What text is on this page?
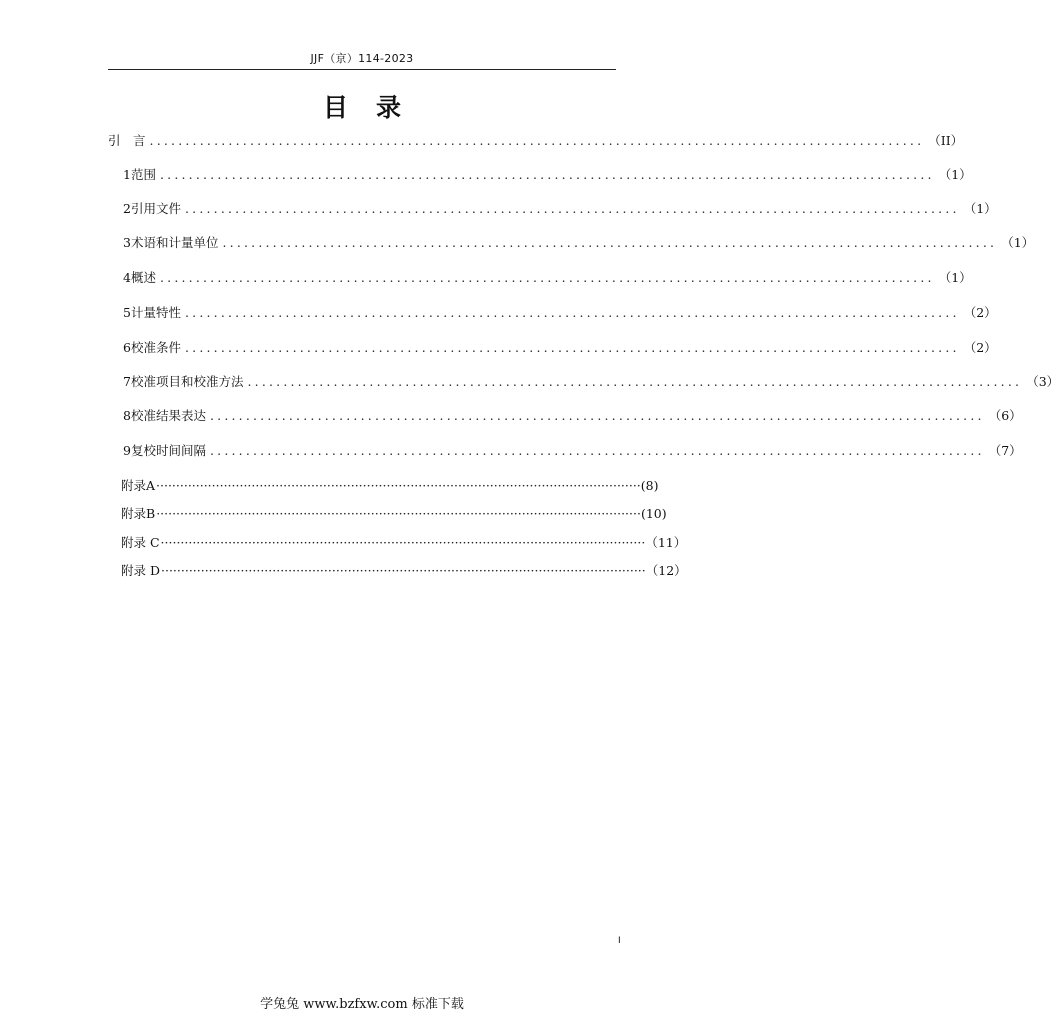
JJF（京）114-2023
目录
引　言 ............................................................................................................ （II）
1 范围 ............................................................................................................ （1）
2 引用文件 ............................................................................................................ （1）
3 术语和计量单位 ............................................................................................................ （1）
4 概述 ............................................................................................................ （1）
5 计量特性 ............................................................................................................ （2）
6 校准条件 ............................................................................................................ （2）
7 校准项目和校准方法 ............................................................................................................ （3）
8 校准结果表达 ............................................................................................................ （6）
9 复校时间间隔 ............................................................................................................ （7）
附录A ·························································································································· (8)
附录B ·························································································································· (10)
附录 C ·························································································································· （11）
附录 D ·························································································································· （12）
I
学兔兔 www.bzfxw.com 标准下载
